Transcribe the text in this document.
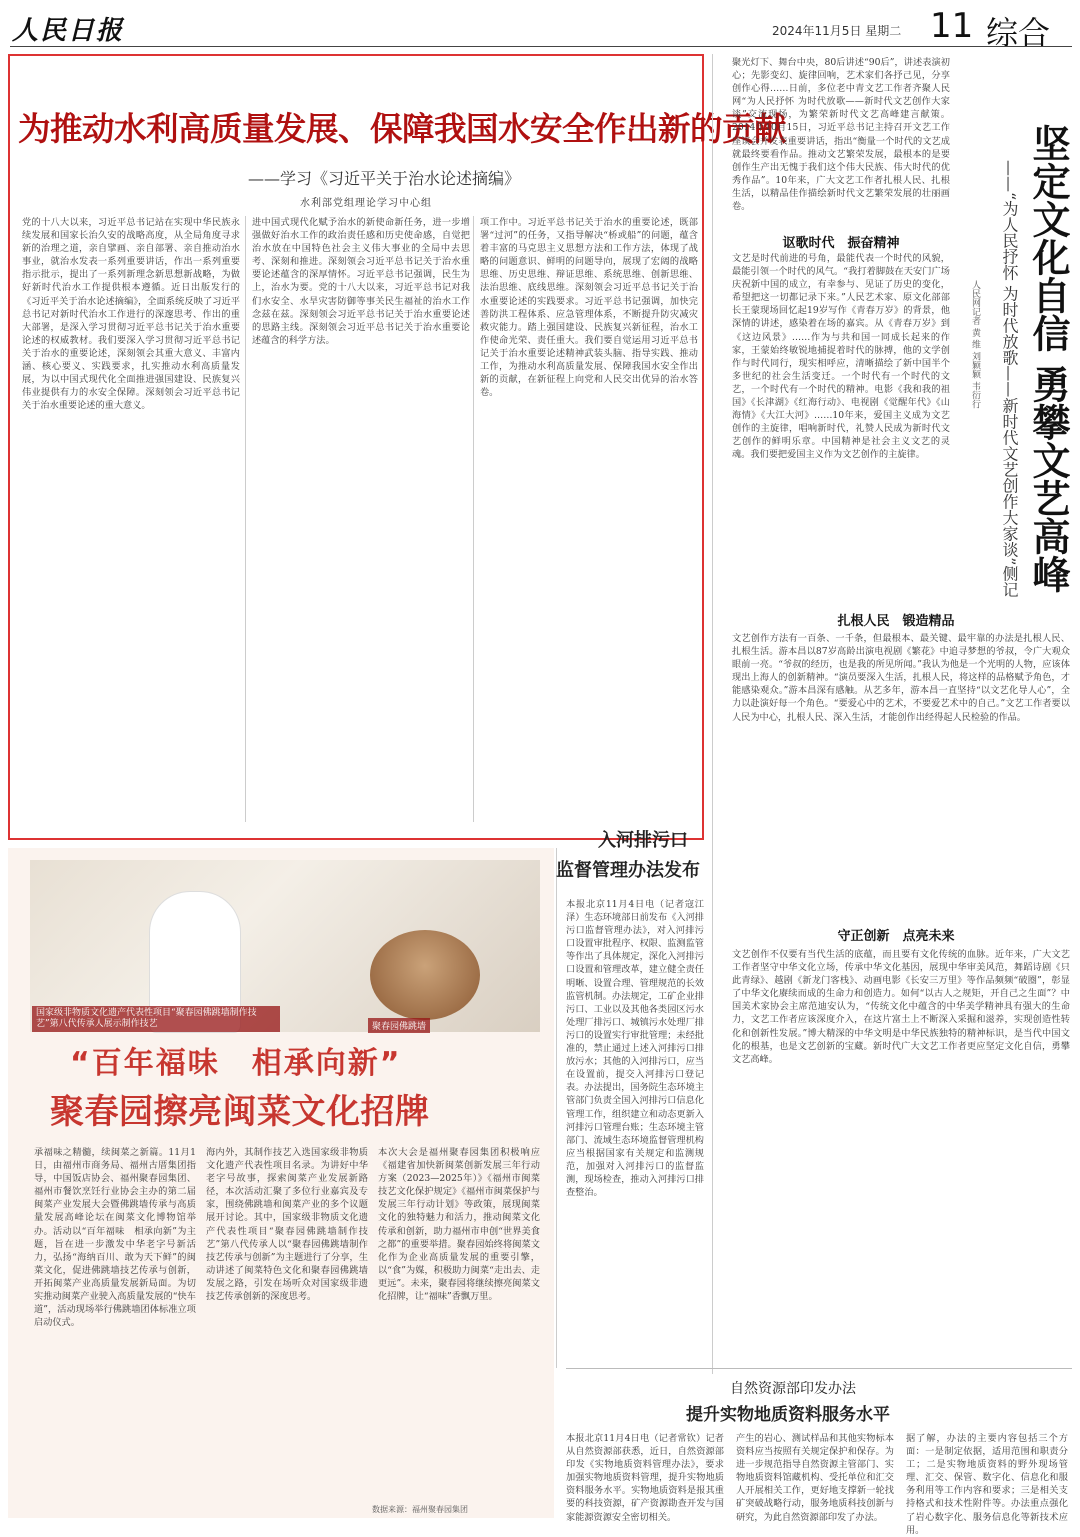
人民日报	2024年11月5日 星期二 11 综合
为推动水利高质量发展、保障我国水安全作出新的贡献
——学习《习近平关于治水论述摘编》
水利部党组理论学习中心组
党的十八大以来，习近平总书记站在实现中华民族永续发展和国家长治久安的战略高度，从全局角度寻求新的治理之道，亲自擘画、亲自部署、亲自推动治水事业，就治水发表一系列重要讲话，作出一系列重要指示批示，提出了一系列新理念新思想新战略，为做好新时代治水工作提供根本遵循。近日出版发行的《习近平关于治水论述摘编》，全面系统反映了习近平总书记对新时代治水工作进行的深邃思考、作出的重大部署，是深入学习贯彻习近平总书记关于治水重要论述的权威教材。我们要深入学习贯彻习近平总书记关于治水的重要论述，深刻领会其重大意义、丰富内涵、核心要义、实践要求，扎实推动水利高质量发展，为以中国式现代化全面推进强国建设、民族复兴伟业提供有力的水安全保障。深刻领会习近平总书记关于治水重要论述的重大意义。
进中国式现代化赋予治水的新使命新任务，进一步增强做好治水工作的政治责任感和历史使命感，自觉把治水放在中国特色社会主义伟大事业的全局中去思考、深刻和推进。深刻领会习近平总书记关于治水重要论述蕴含的深厚情怀。习近平总书记强调，民生为上，治水为要。党的十八大以来，习近平总书记对我们水安全、水旱灾害防御等事关民生福祉的治水工作念兹在兹。深刻领会习近平总书记关于治水重要论述的思路主线。深刻领会习近平总书记关于治水重要论述蕴含的科学方法。
项工作中。习近平总书记关于治水的重要论述，既部署“过河”的任务，又指导解决“桥或船”的问题，蕴含着丰富的马克思主义思想方法和工作方法，体现了战略的问题意识、鲜明的问题导向，展现了宏阔的战略思维、历史思维、辩证思维、系统思维、创新思维、法治思维、底线思维。深刻领会习近平总书记关于治水重要论述的实践要求。习近平总书记强调，加快完善防洪工程体系、应急管理体系，不断提升防灾减灾救灾能力。踏上强国建设、民族复兴新征程，治水工作使命光荣、责任重大。我们要自觉运用习近平总书记关于治水重要论述精神武装头脑、指导实践、推动工作，为推动水利高质量发展、保障我国水安全作出新的贡献，在新征程上向党和人民交出优异的治水答卷。
聚光灯下、舞台中央，80后讲述“90后”，讲述表演初心；先影变幻、旋律回响，艺术家们各抒己见，分享创作心得……日前，多位老中青文艺工作者齐聚人民网“为人民抒怀 为时代放歌——新时代文艺创作大家谈”交流现场，为繁荣新时代文艺高峰建言献策。2014年10月15日，习近平总书记主持召开文艺工作座谈会并发表重要讲话，指出“衡量一个时代的文艺成就最终要看作品。推动文艺繁荣发展，最根本的是要创作生产出无愧于我们这个伟大民族、伟大时代的优秀作品”。10年来，广大文艺工作者扎根人民、扎根生活，以精品佳作描绘新时代文艺繁荣发展的壮丽画卷。	坚定文化自信 勇攀文艺高峰
——“为人民抒怀 为时代放歌——新时代文艺创作大家谈”侧记
人民网记者 黄 维 刘颖颖 韦衍行
讴歌时代　振奋精神
文艺是时代前进的号角，最能代表一个时代的风貌，最能引领一个时代的风气。“我打着脚鼓在天安门广场庆祝新中国的成立，有幸参与、见证了历史的变化，希望把这一切都记录下来。”人民艺术家、原文化部部长王蒙现场回忆起19岁写作《青春万岁》的背景，他深情的讲述，感染着在场的嘉宾。从《青春万岁》到《这边风景》……作为与共和国一同成长起来的作家，王蒙始终敏锐地捕捉着时代的脉搏，他的文学创作与时代同行，现实相呼应，清晰描绘了新中国半个多世纪的社会生活变迁。一个时代有一个时代的文艺，一个时代有一个时代的精神。电影《我和我的祖国》《长津湖》《红海行动》、电视剧《觉醒年代》《山海情》《大江大河》……10年来，爱国主义成为文艺创作的主旋律，唱响新时代，礼赞人民成为新时代文艺创作的鲜明乐章。中国精神是社会主义文艺的灵魂。我们要把爱国主义作为文艺创作的主旋律。
扎根人民　锻造精品
文艺创作方法有一百条、一千条，但最根本、最关键、最牢靠的办法是扎根人民、扎根生活。游本昌以87岁高龄出演电视剧《繁花》中追寻梦想的爷叔，令广大观众眼前一亮。“爷叔的经历，也是我的所见所闻。”我认为他是一个光明的人物，应该体现出上海人的创新精神。“演员要深入生活，扎根人民，将这样的品格赋予角色，才能感染观众。”游本昌深有感触。从艺多年，游本昌一直坚持“以文艺化导人心”，全力以赴演好每一个角色。“要爱心中的艺术，不要爱艺术中的自己。”文艺工作者要以人民为中心，扎根人民、深入生活，才能创作出经得起人民检验的作品。
守正创新　点亮未来
文艺创作不仅要有当代生活的底蕴，而且要有文化传统的血脉。近年来，广大文艺工作者坚守中华文化立场，传承中华文化基因，展现中华审美风范，舞蹈诗剧《只此青绿》、越剧《新龙门客栈》、动画电影《长安三万里》等作品频频“破圈”，彰显了中华文化赓续而成的生命力和创造力。如何“以古人之规矩，开自己之生面”？中国美术家协会主席范迪安认为，“传统文化中蕴含的中华美学精神具有强大的生命力，文艺工作者应该深度介入，在这片富土上不断深入采掘和滋养，实现创造性转化和创新性发展。”博大精深的中华文明是中华民族独特的精神标识，是当代中国文化的根基，也是文艺创新的宝藏。新时代广大文艺工作者更应坚定文化自信，勇攀文艺高峰。
国家级非物质文化遗产代表性项目“聚春园佛跳墙制作技艺”第八代传承人展示制作技艺	聚春园佛跳墙
“百年福味　相承向新”
聚春园擦亮闽菜文化招牌
承福味之精髓，续闽菜之新篇。11月1日，由福州市商务局、福州古厝集团指导，中国饭店协会、福州聚春园集团、福州市餐饮烹饪行业协会主办的第二届闽菜产业发展大会暨佛跳墙传承与高质量发展高峰论坛在闽菜文化博物馆举办。活动以“百年福味　相承向新”为主题，旨在进一步激发中华老字号新活力，弘扬“海纳百川、敢为天下鲜”的闽菜文化，促进佛跳墙技艺传承与创新，开拓闽菜产业高质量发展新局面。为切实推动闽菜产业驶入高质量发展的“快车道”，活动现场举行佛跳墙团体标准立项启动仪式。
海内外，其制作技艺入选国家级非物质文化遗产代表性项目名录。为讲好中华老字号故事，探索闽菜产业发展新路径，本次活动汇聚了多位行业嘉宾及专家，围绕佛跳墙和闽菜产业的多个议题展开讨论。其中，国家级非物质文化遗产代表性项目“聚春园佛跳墙制作技艺”第八代传承人以“聚春园佛跳墙制作技艺传承与创新”为主题进行了分享，生动讲述了闽菜特色文化和聚春园佛跳墙发展之路，引发在场听众对国家级非遗技艺传承创新的深度思考。
本次大会是福州聚春园集团积极响应《福建省加快新闽菜创新发展三年行动方案（2023—2025年）》《福州市闽菜技艺文化保护规定》《福州市闽菜保护与发展三年行动计划》等政策，展现闽菜文化的独特魅力和活力，推动闽菜文化传承和创新，助力福州市申创“世界美食之都”的重要举措。聚春园始终将闽菜文化作为企业高质量发展的重要引擎，以“食”为媒，积极助力闽菜“走出去、走更远”。未来，聚春园将继续擦亮闽菜文化招牌，让“福味”香飘万里。
数据来源：福州聚春园集团
入河排污口
监督管理办法发布
本报北京11月4日电（记者寇江泽）生态环境部日前发布《入河排污口监督管理办法》，对入河排污口设置审批程序、权限、监测监管等作出了具体规定，深化入河排污口设置和管理改革，建立健全责任明晰、设置合理、管理规范的长效监管机制。办法规定，工矿企业排污口、工业以及其他各类园区污水处理厂排污口、城镇污水处理厂排污口的设置实行审批管理；未经批准的，禁止通过上述入河排污口排放污水；其他的入河排污口，应当在设置前，提交入河排污口登记表。办法提出，国务院生态环境主管部门负责全国入河排污口信息化管理工作，组织建立和动态更新入河排污口管理台账；生态环境主管部门、流域生态环境监督管理机构应当根据国家有关规定和监测规范，加强对入河排污口的监督监测，现场检查，推动入河排污口排查整治。
自然资源部印发办法
提升实物地质资料服务水平
本报北京11月4日电（记者常钦）记者从自然资源部获悉，近日，自然资源部印发《实物地质资料管理办法》，要求加强实物地质资料管理，提升实物地质资料服务水平。实物地质资料是报其重要的科技资源，矿产资源勘查开发与国家能源资源安全密切相关。
产生的岩心、测试样品和其他实物标本资料应当按照有关规定保护和保存。为进一步规范指导自然资源主管部门、实物地质资料馆藏机构、受托单位和汇交人开展相关工作，更好地支撑新一轮找矿突破战略行动，服务地质科技创新与研究，为此自然资源部印发了办法。
据了解，办法的主要内容包括三个方面：一是制定依据，适用范围和职责分工；二是实物地质资料的野外现场管理、汇交、保管、数字化、信息化和服务利用等工作内容和要求；三是相关支持格式和技术性附件等。办法重点强化了岩心数字化、服务信息化等新技术应用。
